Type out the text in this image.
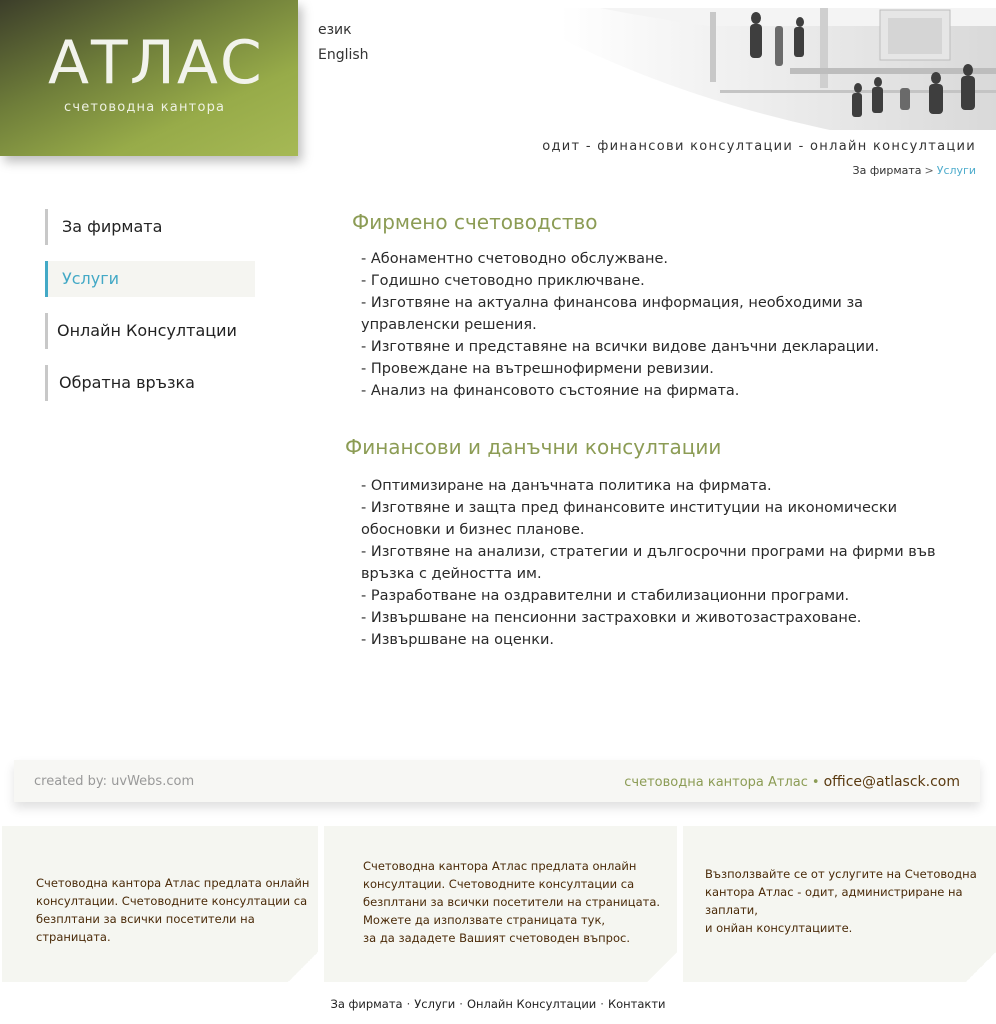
АТЛАС
счетоводна кантора
език
English
одит - финансови консултации - онлайн консултации
За фирмата > Услуги
За фирмата
Услуги
Онлайн Консултации
Обратна връзка
Фирмено счетоводство
- Абонаментно счетоводно обслужване.
- Годишно счетоводно приключване.
- Изготвяне на актуална финансова информация, необходими за управленски решения.
- Изготвяне и представяне на всички видове данъчни декларации.
- Провеждане на вътрешнофирмени ревизии.
- Анализ на финансовото състояние на фирмата.
Финансови и данъчни консултации
- Оптимизиране на данъчната политика на фирмата.
- Изготвяне и защта пред финансовите институции на икономически обосновки и бизнес планове.
- Изготвяне на анализи, стратегии и дългосрочни програми на фирми във връзка с дейността им.
- Разработване на оздравителни и стабилизационни програми.
- Извършване на пенсионни застраховки и животозастраховане.
- Извършване на оценки.
created by: uvWebs.com	счетоводна кантора Атлас • office@atlasck.com
Счетоводна кантора Атлас предлата онлайн
консултации. Счетоводните консултации са
безплтани за всички посетители на страницата.
Счетоводна кантора Атлас предлата онлайн
консултации. Счетоводните консултации са
безплтани за всички посетители на страницата.
Можете да използвате страницата тук,
за да зададете Вашият счетоводен въпрос.
Възползвайте се от услугите на Счетоводна
кантора Атлас - одит, администриране на
заплати,
и онйан консултациите.
За фирмата · Услуги · Онлайн Консултации · Контакти
